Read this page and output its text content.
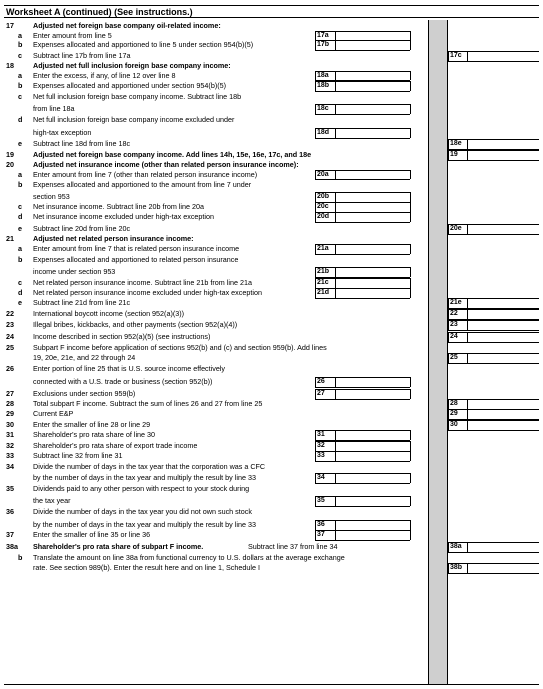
Worksheet A (continued) (See instructions.)
17	Adjusted net foreign base company oil-related income:
a	Enter amount from line 5	17a
b	Expenses allocated and apportioned to line 5 under section 954(b)(5)	17b
c	Subtract line 17b from line 17a	17c
18	Adjusted net full inclusion foreign base company income:
a	Enter the excess, if any, of line 12 over line 8	18a
b	Expenses allocated and apportioned under section 954(b)(5)	18b
c	Net full inclusion foreign base company income. Subtract line 18b
from line 18a	18c
d	Net full inclusion foreign base company income excluded under
high-tax exception	18d
e	Subtract line 18d from line 18c	18e
19	Adjusted net foreign base company income. Add lines 14h, 15e, 16e, 17c, and 18e	19
20	Adjusted net insurance income (other than related person insurance income):
a	Enter amount from line 7 (other than related person insurance income)	20a
b	Expenses allocated and apportioned to the amount from line 7 under
section 953	20b
c	Net insurance income. Subtract line 20b from line 20a	20c
d	Net insurance income excluded under high-tax exception	20d
e	Subtract line 20d from line 20c	20e
21	Adjusted net related person insurance income:
a	Enter amount from line 7 that is related person insurance income	21a
b	Expenses allocated and apportioned to related person insurance
income under section 953	21b
c	Net related person insurance income. Subtract line 21b from line 21a	21c
d	Net related person insurance income excluded under high-tax exception	21d
e	Subtract line 21d from line 21c	21e
22	International boycott income (section 952(a)(3))	22
23	Illegal bribes, kickbacks, and other payments (section 952(a)(4))	23
24	Income described in section 952(a)(5) (see instructions)	24
25	Subpart F income before application of sections 952(b) and (c) and section 959(b). Add lines
19, 20e, 21e, and 22 through 24	25
26	Enter portion of line 25 that is U.S. source income effectively
connected with a U.S. trade or business (section 952(b))	26
27	Exclusions under section 959(b)	27
28	Total subpart F income. Subtract the sum of lines 26 and 27 from line 25	28
29	Current E&P	29
30	Enter the smaller of line 28 or line 29	30
31	Shareholder's pro rata share of line 30	31
32	Shareholder's pro rata share of export trade income	32
33	Subtract line 32 from line 31	33
34	Divide the number of days in the tax year that the corporation was a CFC
by the number of days in the tax year and multiply the result by line 33	34
35	Dividends paid to any other person with respect to your stock during
the tax year	35
36	Divide the number of days in the tax year you did not own such stock
by the number of days in the tax year and multiply the result by line 33	36
37	Enter the smaller of line 35 or line 36	37
38a	Shareholder's pro rata share of subpart F income.	Subtract line 37 from line 34	38a
b	Translate the amount on line 38a from functional currency to U.S. dollars at the average exchange
rate. See section 989(b). Enter the result here and on line 1, Schedule I	38b
